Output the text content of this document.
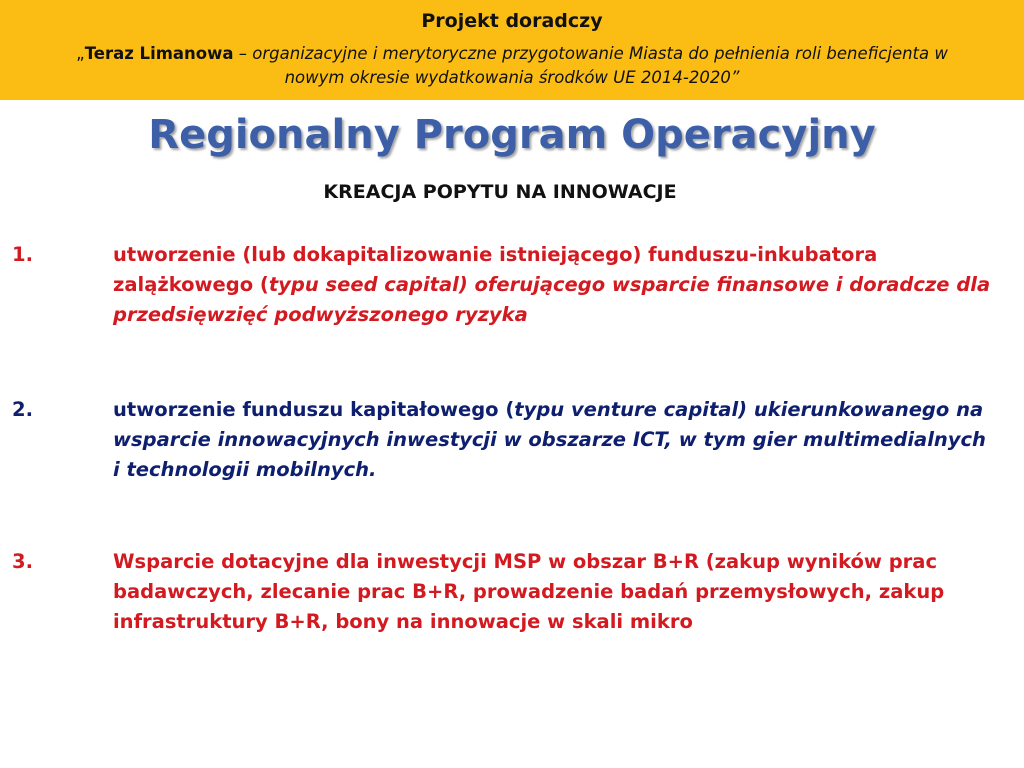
Projekt doradczy
„Teraz Limanowa – organizacyjne i merytoryczne przygotowanie Miasta do pełnienia roli beneficjenta w nowym okresie wydatkowania środków UE 2014-2020”
Regionalny Program Operacyjny
KREACJA POPYTU NA INNOWACJE
1.	utworzenie (lub dokapitalizowanie istniejącego) funduszu-inkubatora zalążkowego (typu seed capital) oferującego wsparcie finansowe i doradcze dla przedsięwzięć podwyższonego ryzyka
2.	utworzenie funduszu kapitałowego (typu venture capital) ukierunkowanego na wsparcie innowacyjnych inwestycji w obszarze ICT, w tym gier multimedialnych i technologii mobilnych.
3.	Wsparcie dotacyjne dla inwestycji MSP w obszar B+R (zakup wyników prac badawczych, zlecanie prac B+R, prowadzenie badań przemysłowych, zakup infrastruktury B+R, bony na innowacje w skali mikro
